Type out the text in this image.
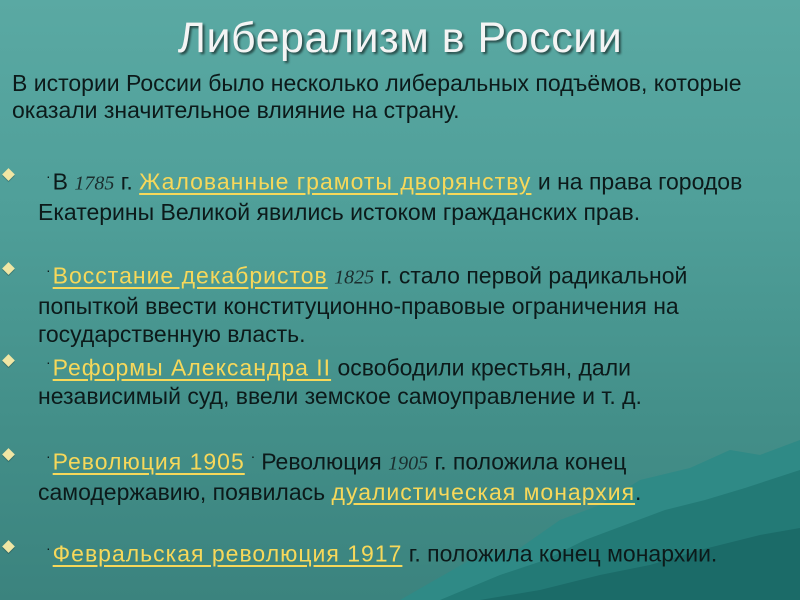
Либерализм в России
В истории России было несколько либеральных подъёмов, которые оказали значительное влияние на страну.
·В 1785 г. Жалованные грамоты дворянству и на права городов Екатерины Великой явились истоком гражданских прав.
·Восстание декабристов 1825 г. стало первой радикальной попыткой ввести конституционно-правовые ограничения на государственную власть.
·Реформы Александра II освободили крестьян, дали независимый суд, ввели земское самоуправление и т. д.
·Революция 1905 · Революция 1905 г. положила конец самодержавию, появилась дуалистическая монархия.
·Февральская революция 1917 г. положила конец монархии.
